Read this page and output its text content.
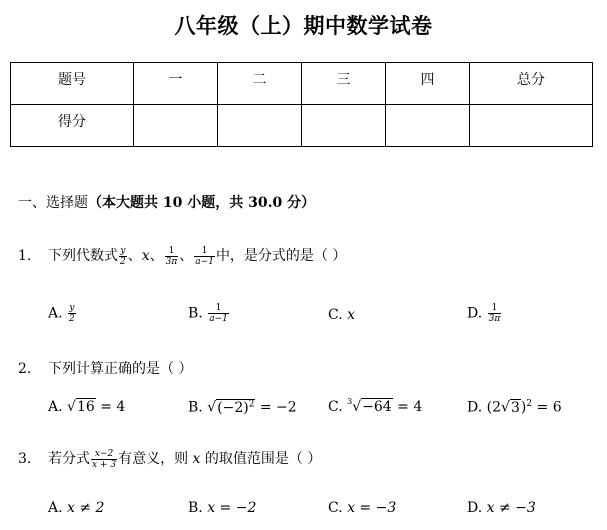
八年级（上）期中数学试卷
题号	一	二	三	四	总分
得分					
一、选择题（本大题共 10 小题，共 30.0 分）
1. 下列代数式 $\frac{y}{2}$ 、x、 $\frac{1}{3\pi}$ 、 $\frac{1}{a-1}$ 中，是分式的是（ ）
A. $\frac{y}{2}$	B. $\frac{1}{a-1}$	C. x	D. $\frac{1}{3\pi}$
2. 下列计算正确的是（ ）
A. √16 = 4	B. $√(-2)^2 = -2$ C. $^3$√−64 = 4	D. $(2√3)^2 = 6$
3. 若分式 $\frac{x-2}{x + 3}$ 有意义，则 x 的取值范围是（ ）
A. x ≠ 2	B. x = −2	C. x = −3	D. x ≠ −3
